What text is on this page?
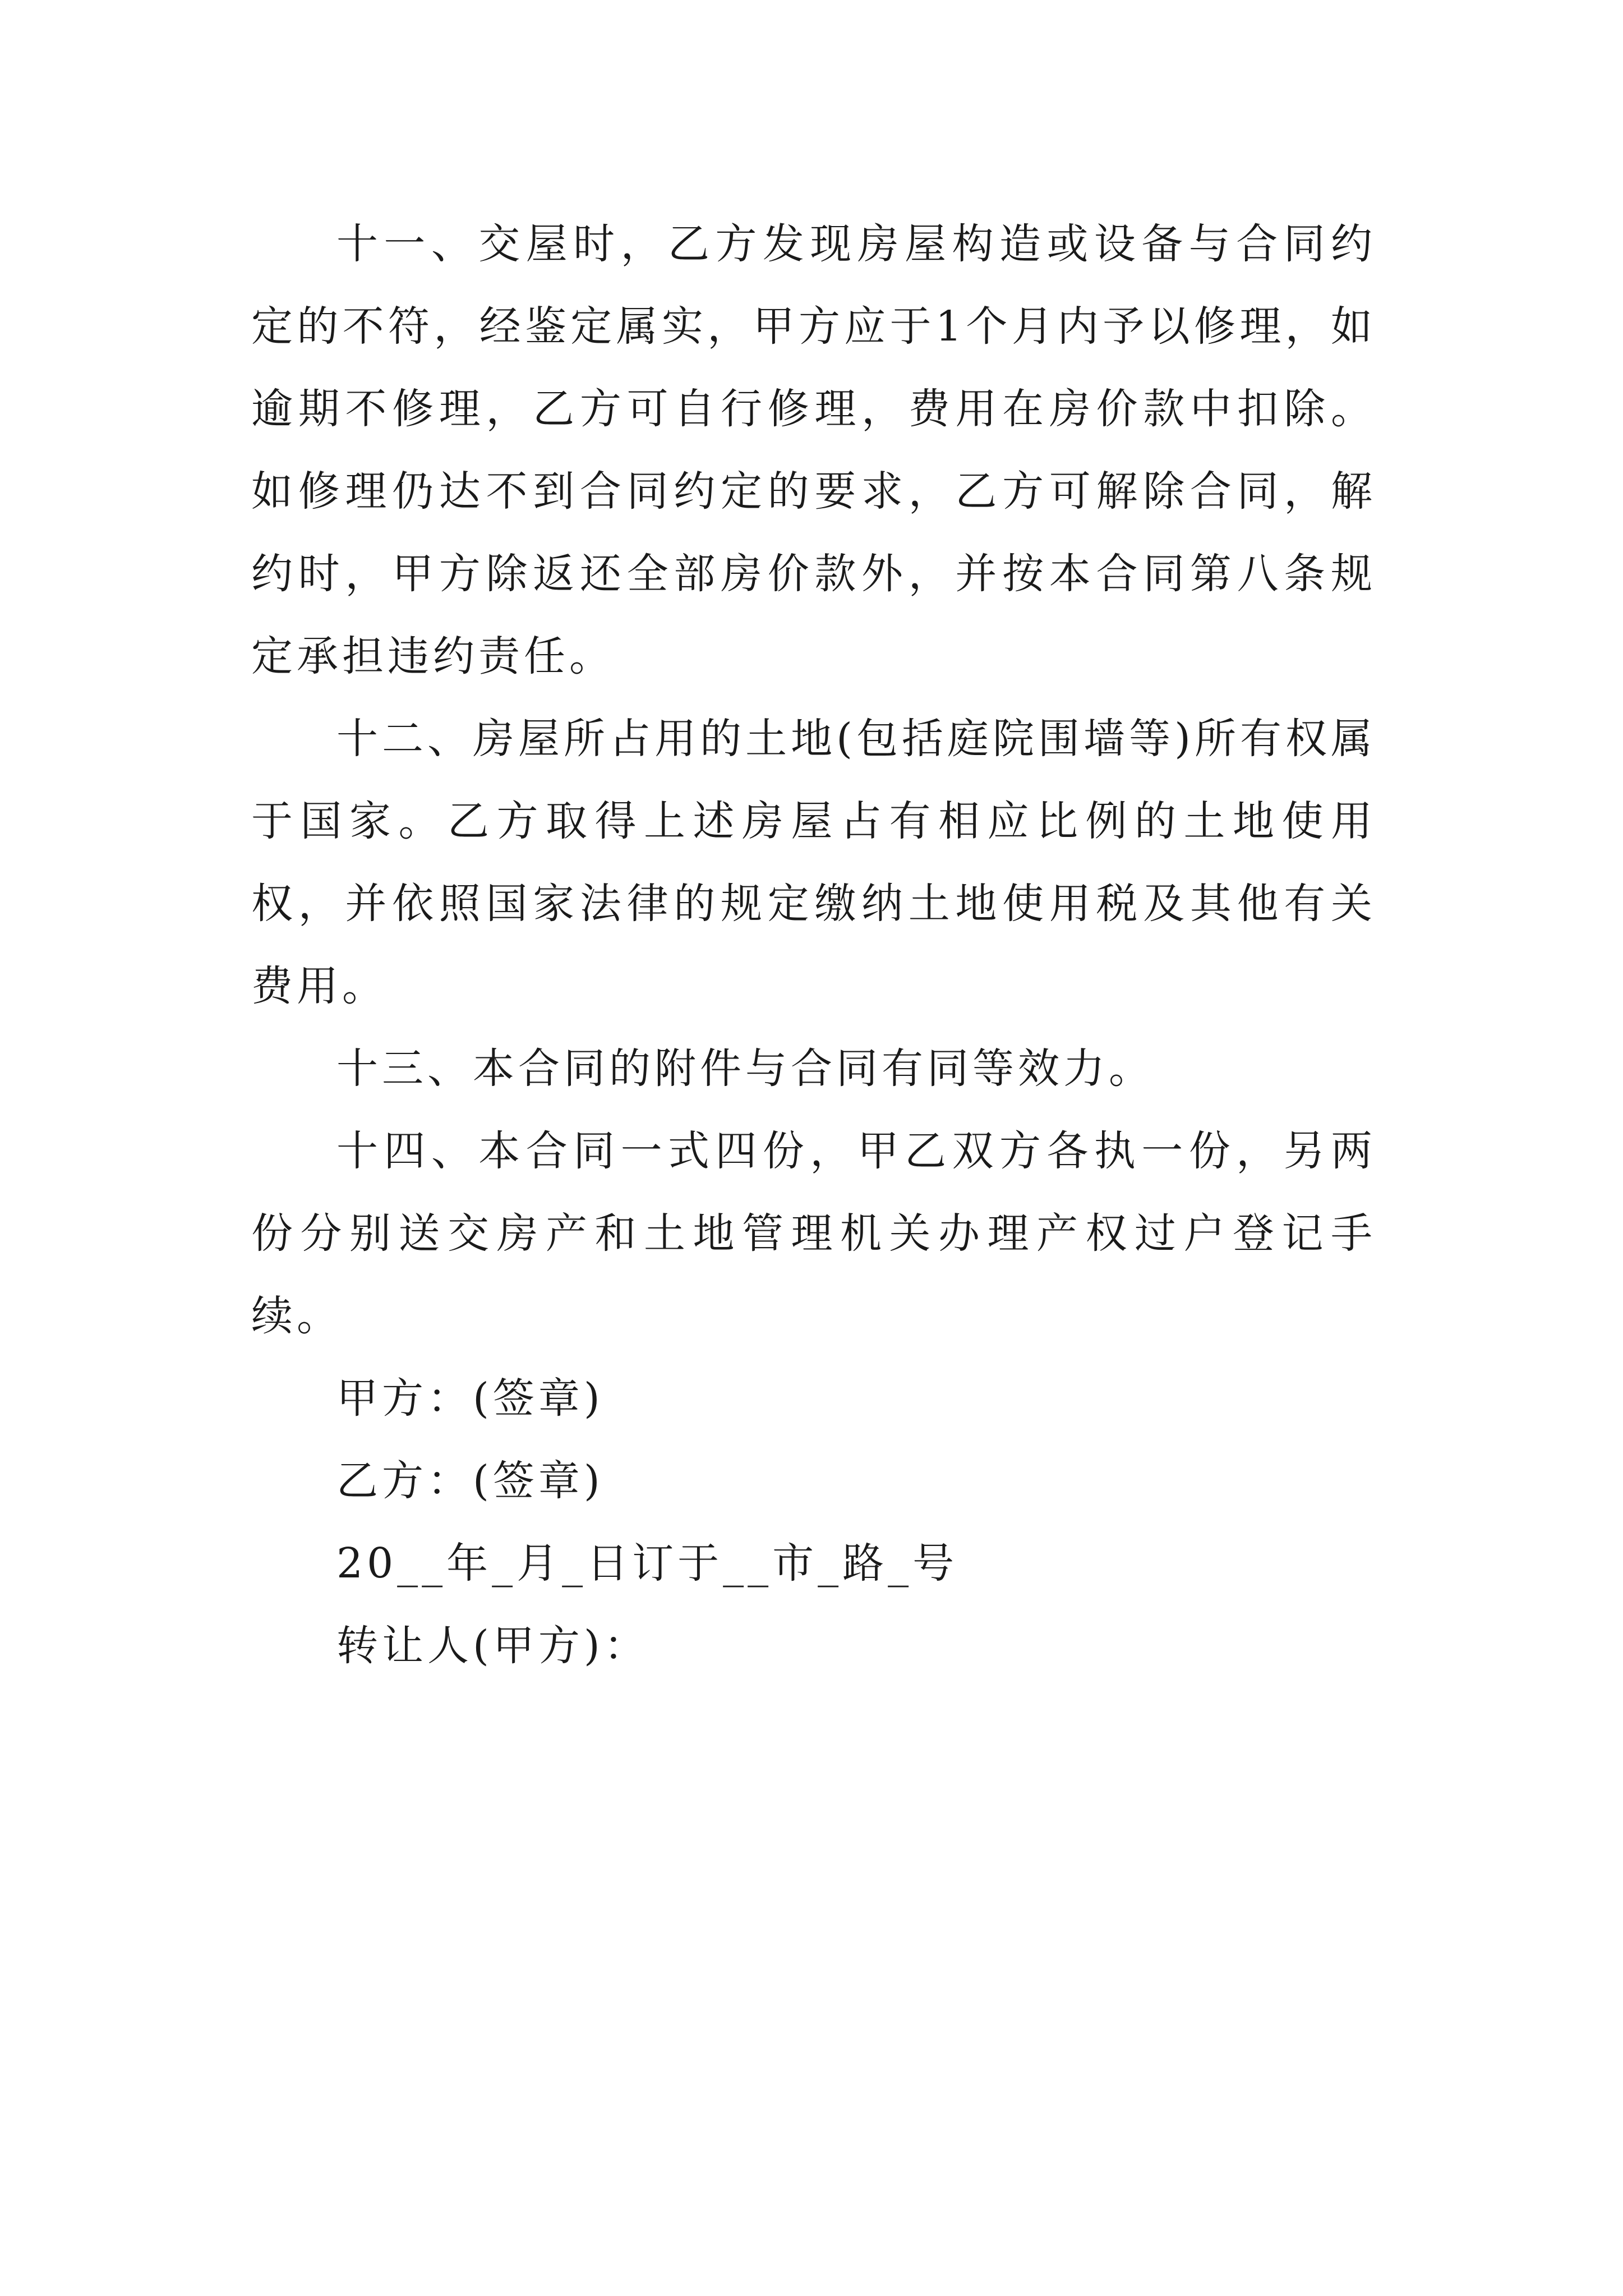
十一、交屋时，乙方发现房屋构造或设备与合同约定的不符，经鉴定属实，甲方应于1个月内予以修理，如逾期不修理，乙方可自行修理，费用在房价款中扣除。如修理仍达不到合同约定的要求，乙方可解除合同，解约时，甲方除返还全部房价款外，并按本合同第八条规定承担违约责任。

十二、房屋所占用的土地(包括庭院围墙等)所有权属于国家。乙方取得上述房屋占有相应比例的土地使用权，并依照国家法律的规定缴纳土地使用税及其他有关费用。

十三、本合同的附件与合同有同等效力。

十四、本合同一式四份，甲乙双方各执一份，另两份分别送交房产和土地管理机关办理产权过户登记手续。

甲方：(签章)

乙方：(签章)

20__年_月_日订于__市_路_号

转让人(甲方)：
